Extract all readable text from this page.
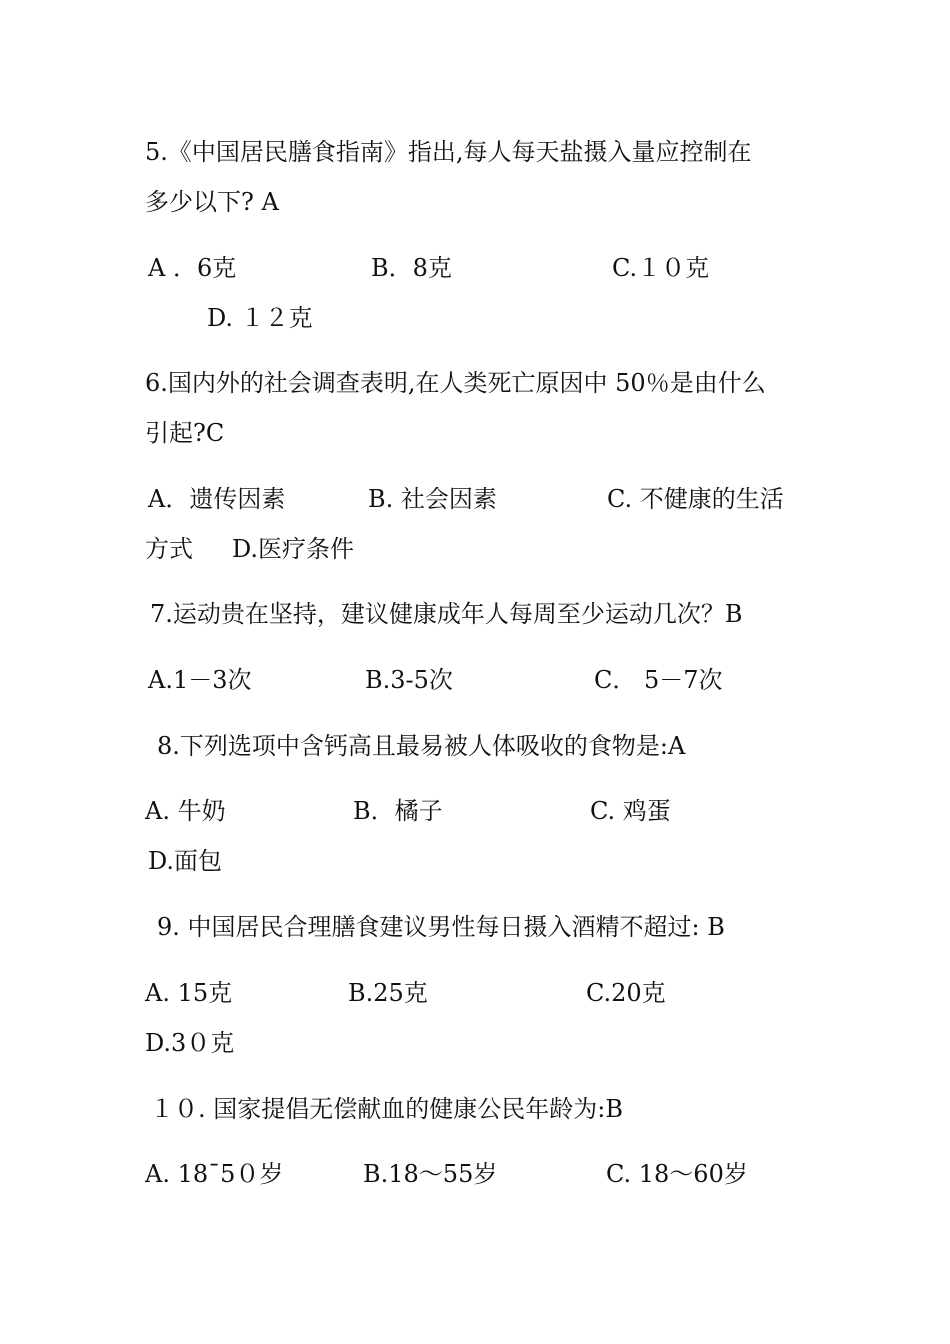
5.《中国居民膳食指南》指出,每人每天盐摄入量应控制在
多少以下? A
A ．6克	B．8克	C.１０克
D. １２克
6.国内外的社会调查表明,在人类死亡原因中 50％是由什么
引起?C
A．遗传因素	B. 社会因素	C. 不健康的生活
方式 D.医疗条件
7.运动贵在坚持，建议健康成年人每周至少运动几次？B
A.1－3次	B.3-5次	C． 5－7次
8.下列选项中含钙高且最易被人体吸收的食物是:A
A. 牛奶	B．橘子	C. 鸡蛋
D.面包
9. 中国居民合理膳食建议男性每日摄入酒精不超过: B
A. 15克	B.25克	C.20克
D.3０克
１０. 国家提倡无偿献血的健康公民年龄为:B
A. 18¯5０岁	B.18～55岁	C. 18～60岁
